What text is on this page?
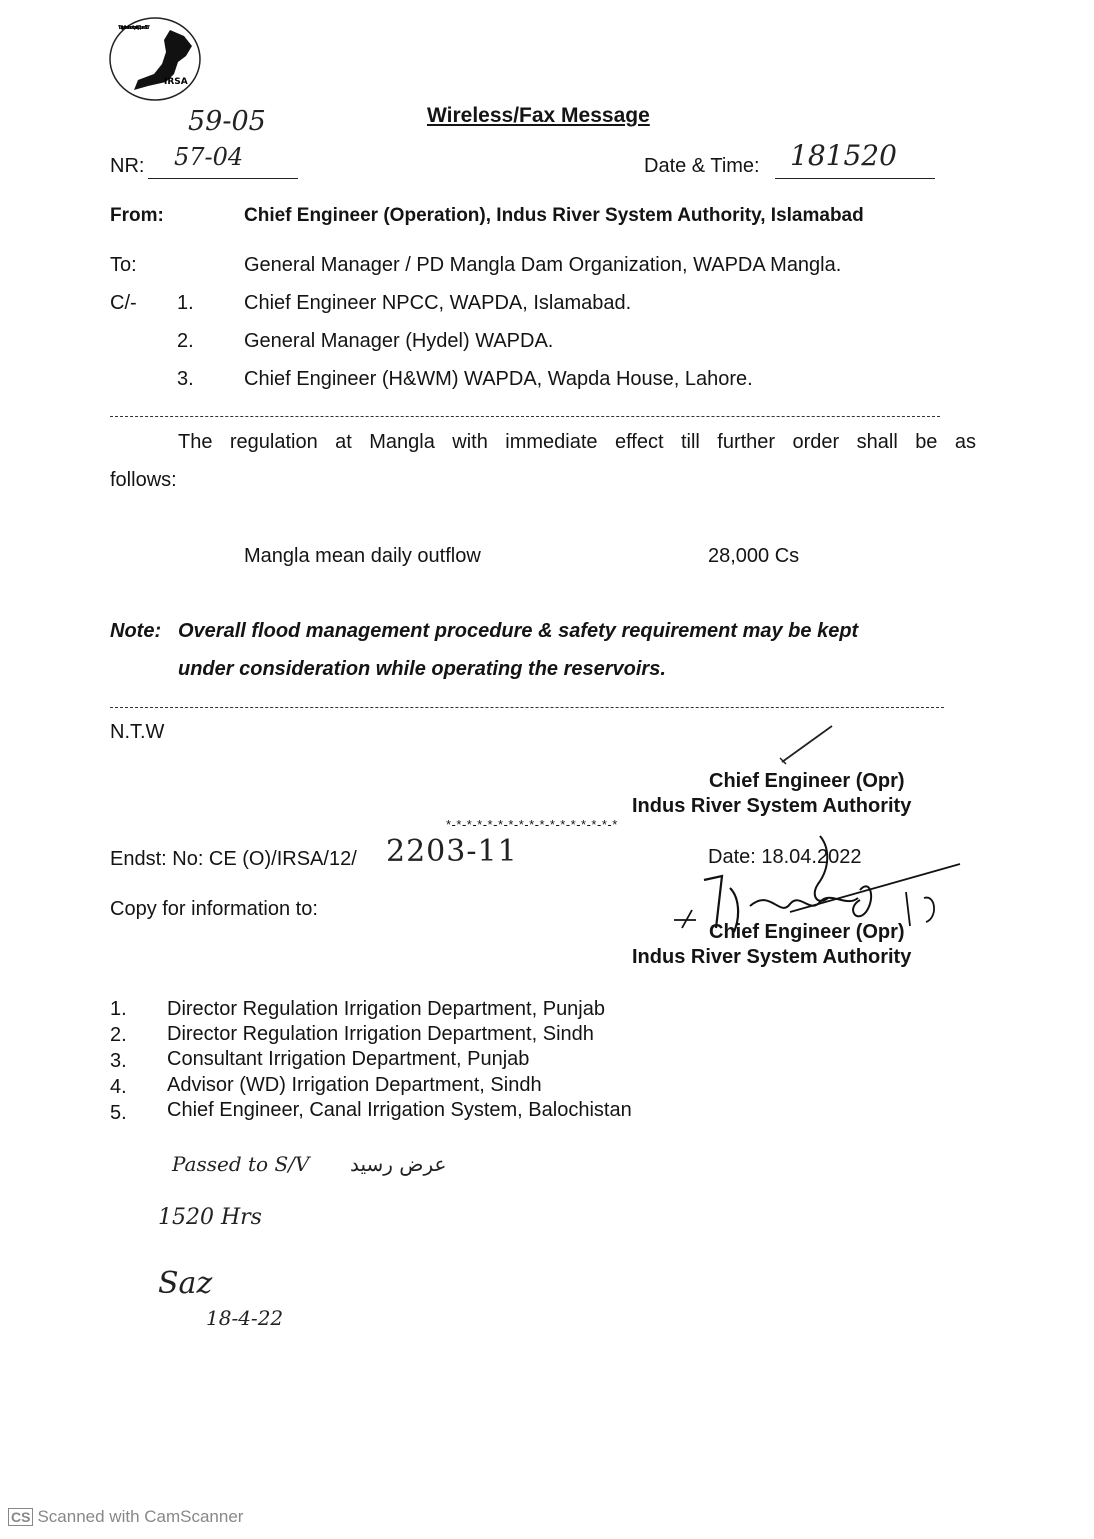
"Be just that is next to piety. Quran 5:8"
IRSA
59-05	Wireless/Fax Message
NR: 57-04	Date & Time: 181520
From:	Chief Engineer (Operation), Indus River System Authority, Islamabad
To:	General Manager / PD Mangla Dam Organization, WAPDA Mangla.
C/- 1.	Chief Engineer NPCC, WAPDA, Islamabad.
2.	General Manager (Hydel) WAPDA.
3.	Chief Engineer (H&WM) WAPDA, Wapda House, Lahore.
The regulation at Mangla with immediate effect till further order shall be as
follows:
Mangla mean daily outflow	28,000 Cs
Note: Overall flood management procedure & safety requirement may be kept
under consideration while operating the reservoirs.
N.T.W
Chief Engineer (Opr)
Indus River System Authority
*-*-*-*-*-*-*-*-*-*-*-*-*-*-*-*-*
Endst: No: CE (O)/IRSA/12/ 2203-11	Date: 18.04.2022
Copy for information to:
Chief Engineer (Opr)
Indus River System Authority
1.	Director Regulation Irrigation Department, Punjab
2.	Director Regulation Irrigation Department, Sindh
3.	Consultant Irrigation Department, Punjab
4.	Advisor (WD) Irrigation Department, Sindh
5.	Chief Engineer, Canal Irrigation System, Balochistan
Passed to S/V عرض رسید
1520 Hrs
Saz
18-4-22
CS Scanned with CamScanner
